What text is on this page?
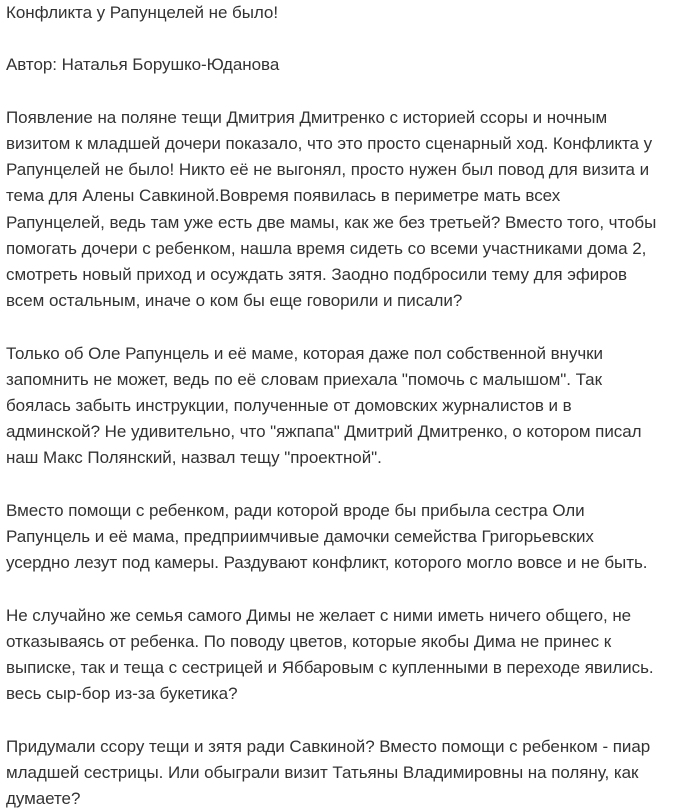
Конфликта у Рапунцелей не было!

Автор: Наталья Борушко-Юданова

Появление на поляне тещи Дмитрия Дмитренко с историей ссоры и ночным
визитом к младшей дочери показало, что это просто сценарный ход. Конфликта у
Рапунцелей не было! Никто её не выгонял, просто нужен был повод для визита и
тема для Алены Савкиной.Вовремя появилась в периметре мать всех
Рапунцелей, ведь там уже есть две мамы, как же без третьей? Вместо того, чтобы
помогать дочери с ребенком, нашла время сидеть со всеми участниками дома 2,
смотреть новый приход и осуждать зятя. Заодно подбросили тему для эфиров
всем остальным, иначе о ком бы еще говорили и писали?

Только об Оле Рапунцель и её маме, которая даже пол собственной внучки
запомнить не может, ведь по её словам приехала "помочь с малышом". Так
боялась забыть инструкции, полученные от домовских журналистов и в
админской? Не удивительно, что "яжпапа" Дмитрий Дмитренко, о котором писал
наш Макс Полянский, назвал тещу "проектной".

Вместо помощи с ребенком, ради которой вроде бы прибыла сестра Оли
Рапунцель и её мама, предприимчивые дамочки семейства Григорьевских
усердно лезут под камеры. Раздувают конфликт, которого могло вовсе и не быть.

Не случайно же семья самого Димы не желает с ними иметь ничего общего, не
отказываясь от ребенка. По поводу цветов, которые якобы Дима не принес к
выписке, так и теща с сестрицей и Ябб​аровым с купленными в переходе явились.
весь сыр-бор из-за букетика?

Придумали ссору тещи и зятя ради Савкиной? Вместо помощи с ребенком - пиар
младшей сестрицы. Или обыграли визит Татьяны Владимировны на поляну, как
думаете?
